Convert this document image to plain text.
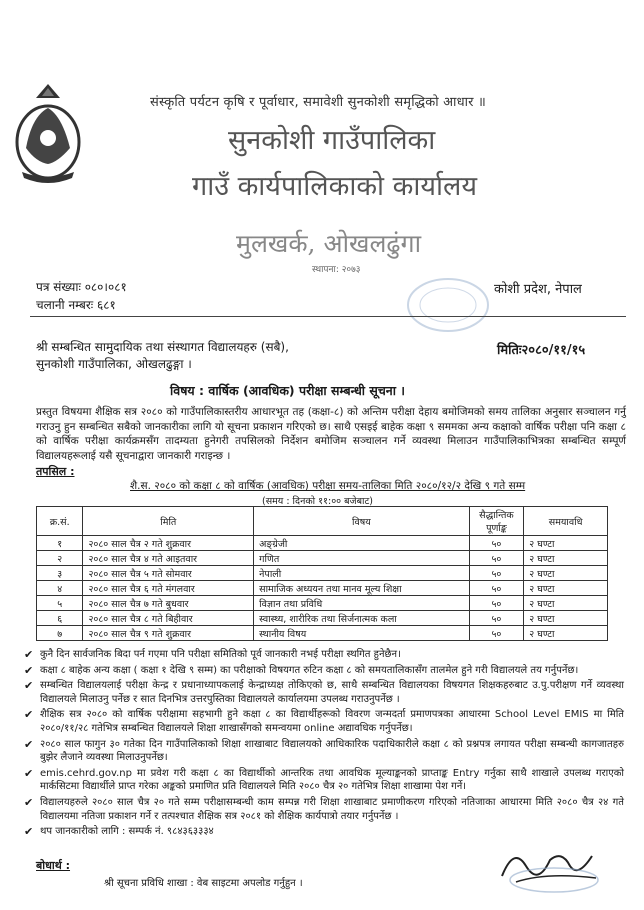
संस्कृति पर्यटन कृषि र पूर्वाधार, समावेशी सुनकोशी समृद्धिको आधार ॥
सुनकोशी गाउँपालिका
गाउँ कार्यपालिकाको कार्यालय
मुलखर्क, ओखलढुंगा
स्थापना: २०७३
पत्र संख्याः ०८०।०८१
चलानी नम्बरः ६८१
कोशी प्रदेश, नेपाल
श्री सम्बन्धित सामुदायिक तथा संस्थागत विद्यालयहरु (सबै),
सुनकोशी गाउँपालिका, ओखलढुङ्गा ।
मितिः२०८०/११/१५
विषय : वार्षिक (आवधिक) परीक्षा सम्बन्धी सूचना ।
प्रस्तुत विषयमा शैक्षिक सत्र २०८० को गाउँपालिकास्तरीय आधारभूत तह (कक्षा-८) को अन्तिम परीक्षा देहाय बमोजिमको समय तालिका अनुसार सञ्चालन गर्नु गराउनु हुन सम्बन्धित सबैको जानकारीका लागि यो सूचना प्रकाशन गरिएको छ। साथै एसइई बाहेक कक्षा ९ सममका अन्य कक्षाको वार्षिक परीक्षा पनि कक्षा ८ को वार्षिक परीक्षा कार्यक्रमसँग तादम्यता हुनेगरी तपसिलको निर्देशन बमोजिम सञ्चालन गर्ने व्यवस्था मिलाउन गाउँपालिकाभित्रका सम्बन्धित सम्पूर्ण विद्यालयहरूलाई यसै सूचनाद्वारा जानकारी गराइन्छ ।
तपसिल :
शै.स. २०८० को कक्षा ८ को वार्षिक (आवधिक) परीक्षा समय-तालिका मिति २०८०/१२/२ देखि ९ गते सम्म
(समय : दिनको ११:०० बजेबाट)
क्र.सं.	मिति	विषय	सैद्धान्तिक पूर्णाङ्क	समयावधि
१	२०८० साल चैत्र २ गते शुक्रवार	अङ्ग्रेजी	५०	२ घण्टा
२	२०८० साल चैत्र ४ गते आइतवार	गणित	५०	२ घण्टा
३	२०८० साल चैत्र ५ गते सोमवार	नेपाली	५०	२ घण्टा
४	२०८० साल चैत्र ६ गते मंगलवार	सामाजिक अध्ययन तथा मानव मूल्य शिक्षा	५०	२ घण्टा
५	२०८० साल चैत्र ७ गते बुधवार	विज्ञान तथा प्रविधि	५०	२ घण्टा
६	२०८० साल चैत्र ८ गते बिहीवार	स्वास्थ्य, शारीरिक तथा सिर्जनात्मक कला	५०	२ घण्टा
७	२०८० साल चैत्र ९ गते शुक्रवार	स्थानीय विषय	५०	२ घण्टा
✔ कुनै दिन सार्वजनिक बिदा पर्न गएमा पनि परीक्षा समितिको पूर्व जानकारी नभई परीक्षा स्थगित हुनेछैन।
✔ कक्षा ८ बाहेक अन्य कक्षा ( कक्षा १ देखि ९ सम्म) का परीक्षाको विषयगत रुटिन कक्षा ८ को समयतालिकासँग तालमेल हुने गरी विद्यालयले तय गर्नुपर्नेछ।
✔ सम्बन्धित विद्यालयलाई परीक्षा केन्द्र र प्रधानाध्यापकलाई केन्द्राध्यक्ष तोकिएको छ, साथै सम्बन्धित विद्यालयका विषयगत शिक्षकहरुबाट उ.पु.परीक्षण गर्ने व्यवस्था विद्यालयले मिलाउनु पर्नेछ र सात दिनभित्र उत्तरपुस्तिका विद्यालयले कार्यालयमा उपलब्ध गराउनुपर्नेछ ।
✔ शैक्षिक सत्र २०८० को वार्षिक परीक्षामा सहभागी हुने कक्षा ८ का विद्यार्थीहरूको विवरण जन्मदर्ता प्रमाणपत्रका आधारमा School Level EMIS मा मिति २०८०/११/२८ गतेभित्र सम्बन्धित विद्यालयले शिक्षा शाखासँगको समन्वयमा online अद्यावधिक गर्नुपर्नेछ।
✔ २०८० साल फागुन ३० गतेका दिन गाउँपालिकाको शिक्षा शाखाबाट विद्यालयको आधिकारिक पदाधिकारीले कक्षा ८ को प्रश्नपत्र लगायत परीक्षा सम्बन्धी कागजातहरु बुझेर लैजाने व्यवस्था मिलाउनुपर्नेछ।
✔ emis.cehrd.gov.np मा प्रवेश गरी कक्षा ८ का विद्यार्थीको आन्तरिक तथा आवधिक मूल्याङ्कनको प्राप्ताङ्क Entry गर्नुका साथै शाखाले उपलब्ध गराएको मार्कसिटमा विद्यार्थीले प्राप्त गरेका अङ्कको प्रमाणित प्रति विद्यालयले मिति २०८० चैत्र २० गतेभित्र शिक्षा शाखामा पेश गर्ने।
✔ विद्यालयहरुले २०८० साल चैत्र २० गते सम्म परीक्षासम्बन्धी काम सम्पन्न गरी शिक्षा शाखाबाट प्रमाणीकरण गरिएको नतिजाका आधारमा मिति २०८० चैत्र २४ गते विद्यालयमा नतिजा प्रकाशन गर्ने र तत्पश्चात शैक्षिक सत्र २०८१ को शैक्षिक कार्यपात्रो तयार गर्नुपर्नेछ ।
✔ थप जानकारीको लागि : सम्पर्क नं. ९८४३६३३३४
बोधार्थ :
श्री सूचना प्रविधि शाखा : वेब साइटमा अपलोड गर्नुहुन ।
